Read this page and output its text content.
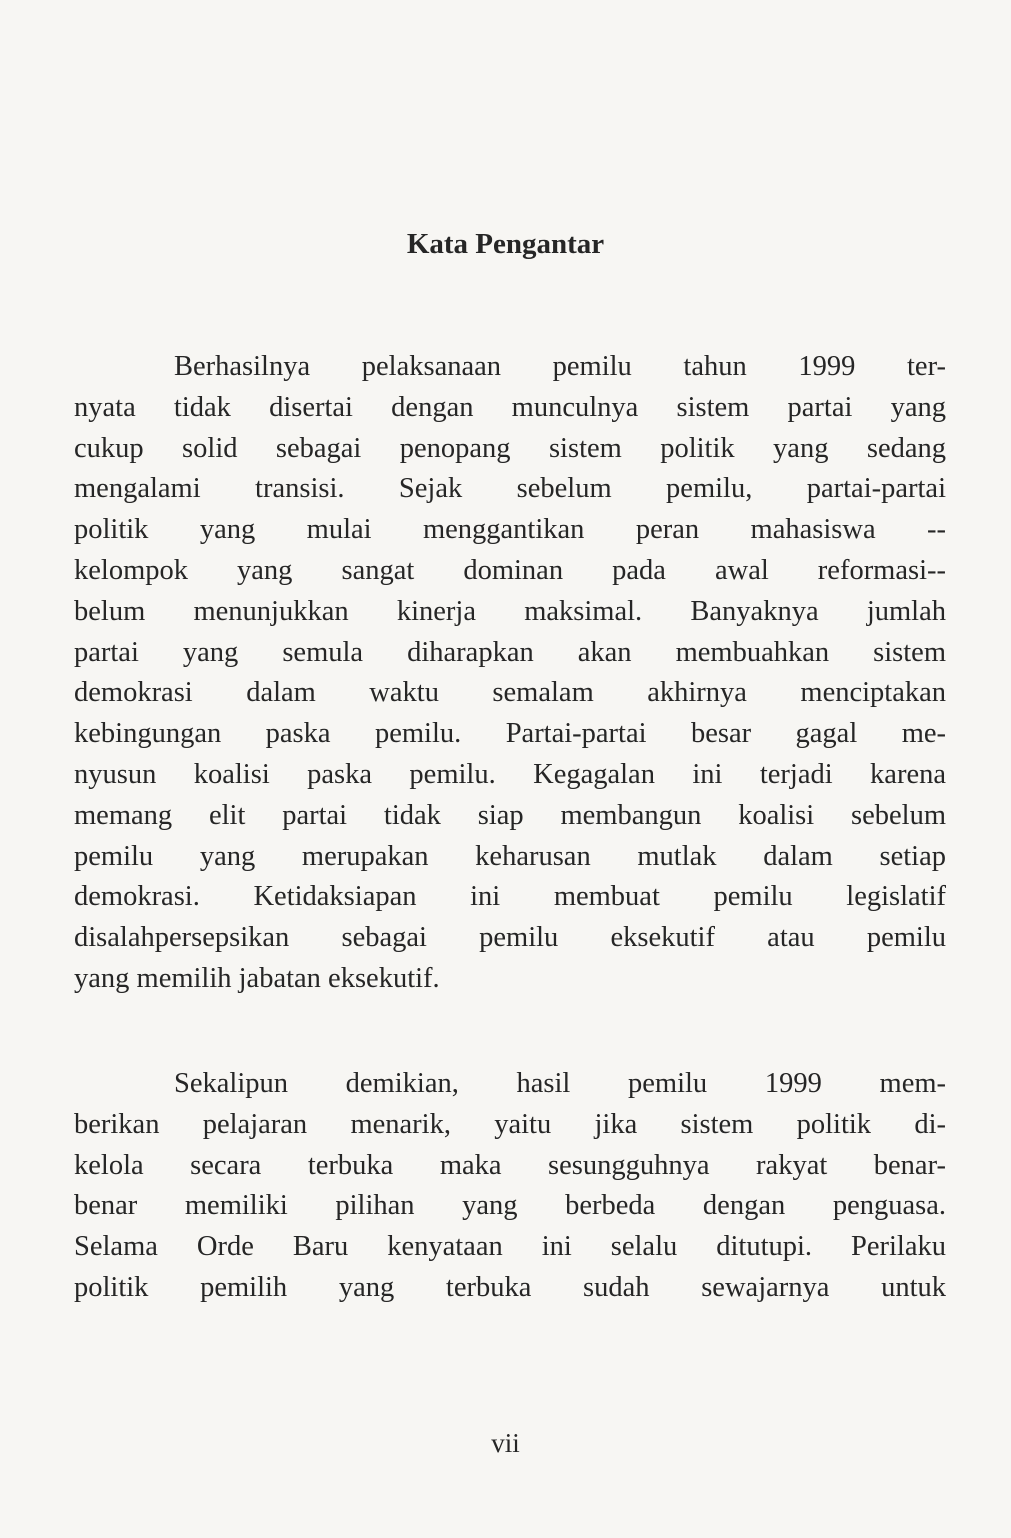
Kata Pengantar
Berhasilnya pelaksanaan pemilu tahun 1999 ter-
nyata tidak disertai dengan munculnya sistem partai yang
cukup solid sebagai penopang sistem politik yang sedang
mengalami transisi. Sejak sebelum pemilu, partai-partai
politik yang mulai menggantikan peran mahasiswa --
kelompok yang sangat dominan pada awal reformasi--
belum menunjukkan kinerja maksimal. Banyaknya jumlah
partai yang semula diharapkan akan membuahkan sistem
demokrasi dalam waktu semalam akhirnya menciptakan
kebingungan paska pemilu. Partai-partai besar gagal me-
nyusun koalisi paska pemilu. Kegagalan ini terjadi karena
memang elit partai tidak siap membangun koalisi sebelum
pemilu yang merupakan keharusan mutlak dalam setiap
demokrasi. Ketidaksiapan ini membuat pemilu legislatif
disalahpersepsikan sebagai pemilu eksekutif atau pemilu
yang memilih jabatan eksekutif.
Sekalipun demikian, hasil pemilu 1999 mem-
berikan pelajaran menarik, yaitu jika sistem politik di-
kelola secara terbuka maka sesungguhnya rakyat benar-
benar memiliki pilihan yang berbeda dengan penguasa.
Selama Orde Baru kenyataan ini selalu ditutupi. Perilaku
politik pemilih yang terbuka sudah sewajarnya untuk
vii
